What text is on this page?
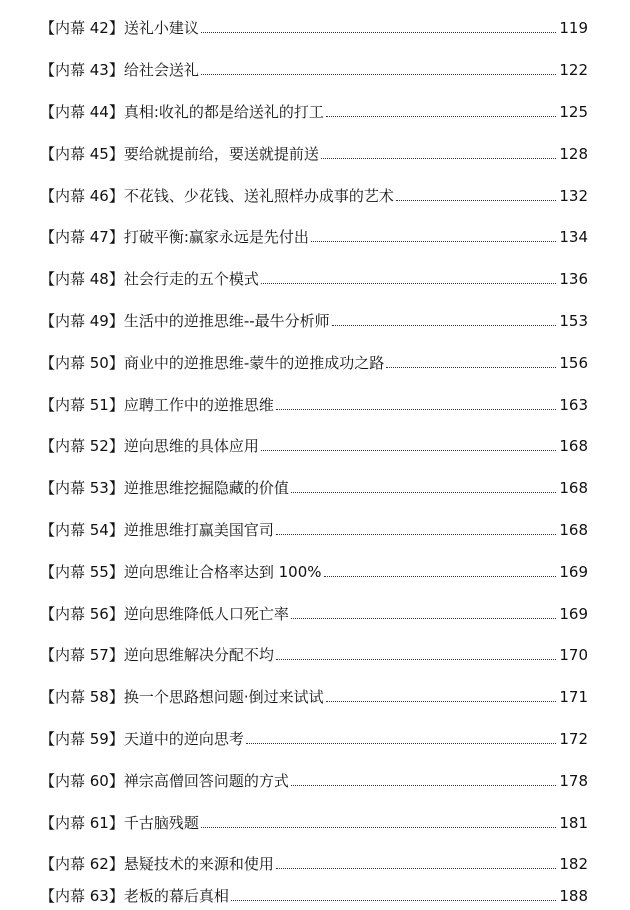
【内幕 42】送礼小建议	119
【内幕 43】给社会送礼	122
【内幕 44】真相:收礼的都是给送礼的打工	125
【内幕 45】要给就提前给，要送就提前送	128
【内幕 46】不花钱、少花钱、送礼照样办成事的艺术	132
【内幕 47】打破平衡:赢家永远是先付出	134
【内幕 48】社会行走的五个模式	136
【内幕 49】生活中的逆推思维--最牛分析师	153
【内幕 50】商业中的逆推思维-蒙牛的逆推成功之路	156
【内幕 51】应聘工作中的逆推思维	163
【内幕 52】逆向思维的具体应用	168
【内幕 53】逆推思维挖掘隐藏的价值	168
【内幕 54】逆推思维打赢美国官司	168
【内幕 55】逆向思维让合格率达到 100%	169
【内幕 56】逆向思维降低人口死亡率	169
【内幕 57】逆向思维解决分配不均	170
【内幕 58】换一个思路想问题·倒过来试试	171
【内幕 59】天道中的逆向思考	172
【内幕 60】禅宗高僧回答问题的方式	178
【内幕 61】千古脑残题	181
【内幕 62】悬疑技术的来源和使用	182
【内幕 63】老板的幕后真相	188
